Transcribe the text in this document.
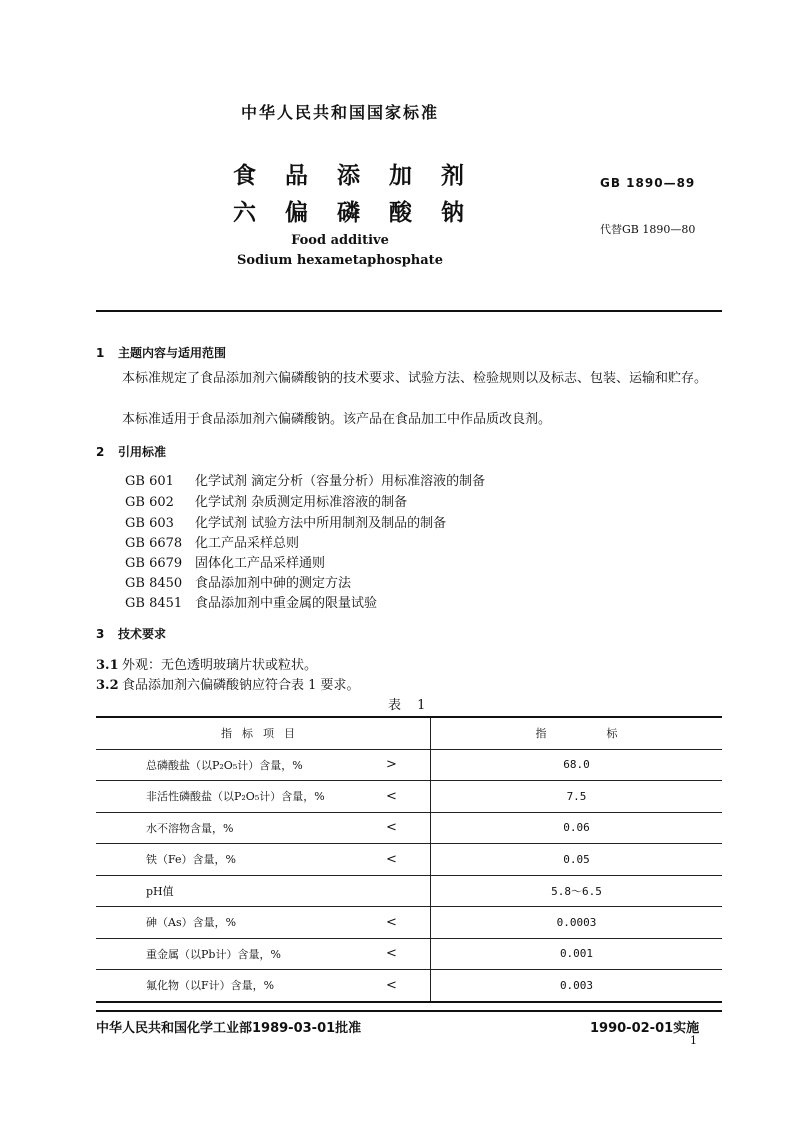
中华人民共和国国家标准
食 品 添 加 剂
六 偏 磷 酸 钠
Food additive
Sodium hexametaphosphate
GB 1890—89
代替GB 1890—80
1 主题内容与适用范围
本标准规定了食品添加剂六偏磷酸钠的技术要求、试验方法、检验规则以及标志、包装、运输和贮存。
本标准适用于食品添加剂六偏磷酸钠。该产品在食品加工中作品质改良剂。
2 引用标准
GB 601 化学试剂 滴定分析（容量分析）用标准溶液的制备
GB 602 化学试剂 杂质测定用标准溶液的制备
GB 603 化学试剂 试验方法中所用制剂及制品的制备
GB 6678 化工产品采样总则
GB 6679 固体化工产品采样通则
GB 8450 食品添加剂中砷的测定方法
GB 8451 食品添加剂中重金属的限量试验
3 技术要求
3.1 外观：无色透明玻璃片状或粒状。
3.2 食品添加剂六偏磷酸钠应符合表 1 要求。
表 1
指标项目		指标
总磷酸盐（以P₂O₅计）含量，%	>	68.0
非活性磷酸盐（以P₂O₅计）含量，%	<	7.5
水不溶物含量，%	<	0.06
铁（Fe）含量，%	<	0.05
pH值		5.8～6.5
砷（As）含量，%	<	0.0003
重金属（以Pb计）含量，%	<	0.001
氟化物（以F计）含量，%	<	0.003
中华人民共和国化学工业部1989-03-01批准	1990-02-01实施
1
